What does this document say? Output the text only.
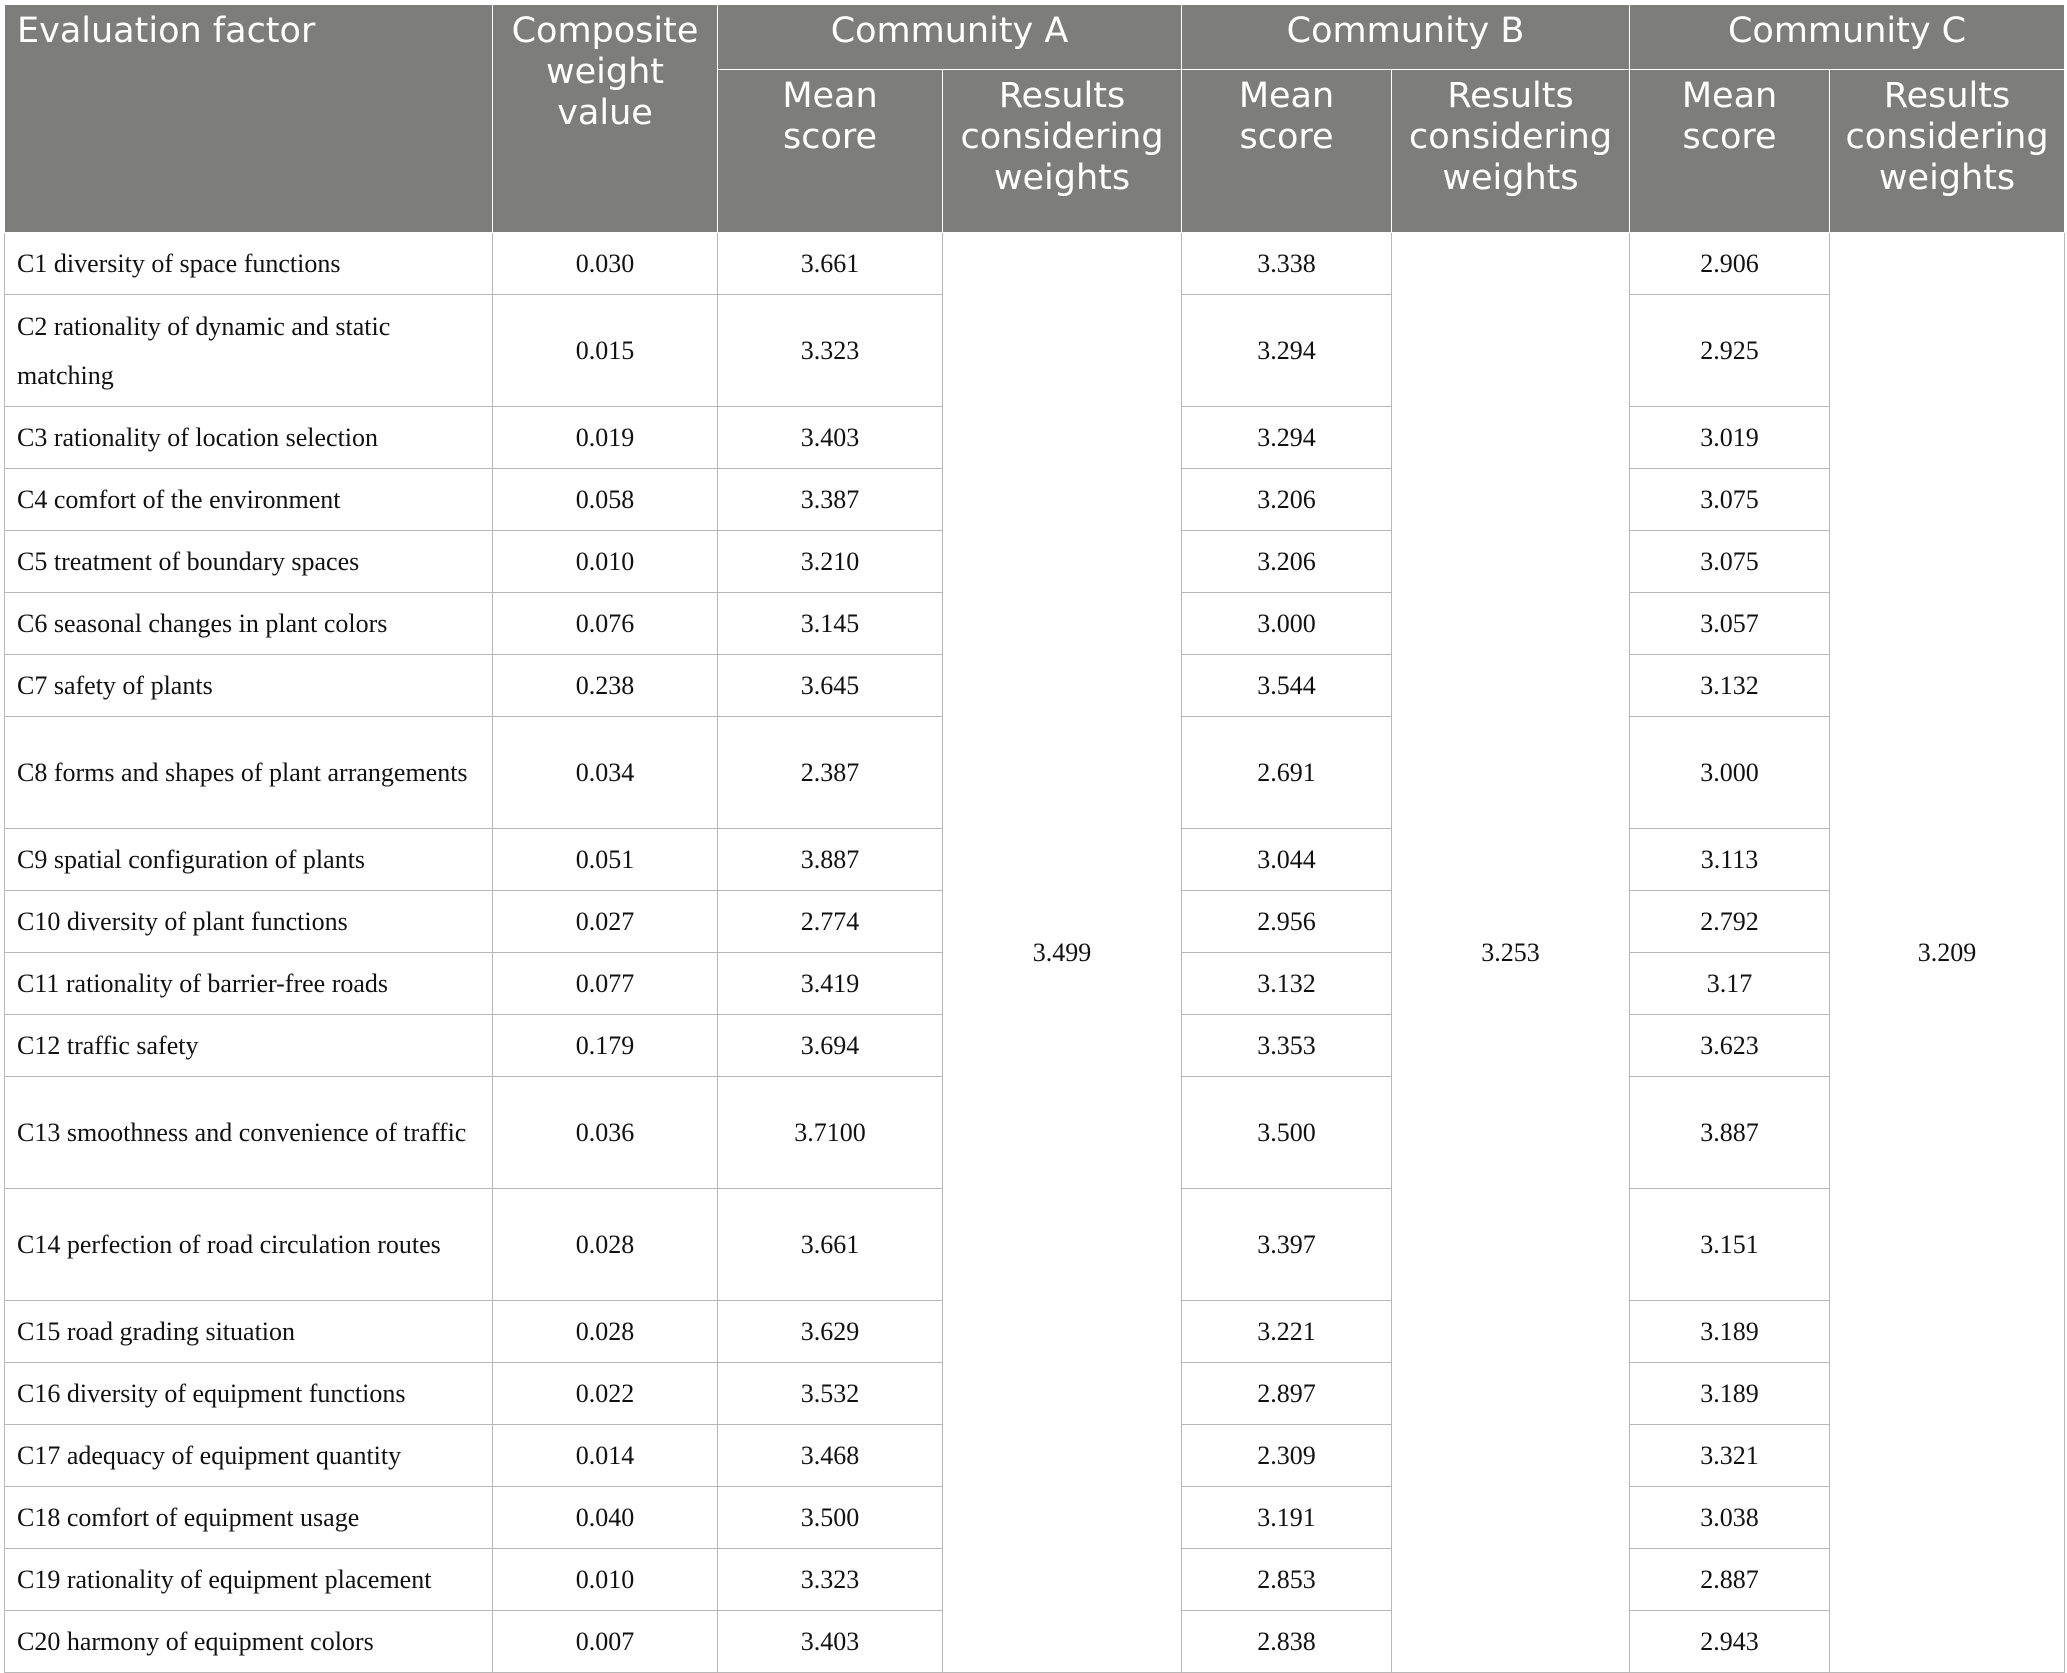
Evaluation factor	Composite weight value	Community A		Community B		Community C	
		Mean score	Results considering weights	Mean score	Results considering weights	Mean score	Results considering weights
C1 diversity of space functions	0.030	3.661	3.499	3.338	3.253	2.906	3.209
C2 rationality of dynamic and static matching	0.015	3.323		3.294		2.925	
C3 rationality of location selection	0.019	3.403		3.294		3.019	
C4 comfort of the environment	0.058	3.387		3.206		3.075	
C5 treatment of boundary spaces	0.010	3.210		3.206		3.075	
C6 seasonal changes in plant colors	0.076	3.145		3.000		3.057	
C7 safety of plants	0.238	3.645		3.544		3.132	
C8 forms and shapes of plant arrangements	0.034	2.387		2.691		3.000	
C9 spatial configuration of plants	0.051	3.887		3.044		3.113	
C10 diversity of plant functions	0.027	2.774		2.956		2.792	
C11 rationality of barrier-free roads	0.077	3.419		3.132		3.17	
C12 traffic safety	0.179	3.694		3.353		3.623	
C13 smoothness and convenience of traffic	0.036	3.7100		3.500		3.887	
C14 perfection of road circulation routes	0.028	3.661		3.397		3.151	
C15 road grading situation	0.028	3.629		3.221		3.189	
C16 diversity of equipment functions	0.022	3.532		2.897		3.189	
C17 adequacy of equipment quantity	0.014	3.468		2.309		3.321	
C18 comfort of equipment usage	0.040	3.500		3.191		3.038	
C19 rationality of equipment placement	0.010	3.323		2.853		2.887	
C20 harmony of equipment colors	0.007	3.403		2.838		2.943	
